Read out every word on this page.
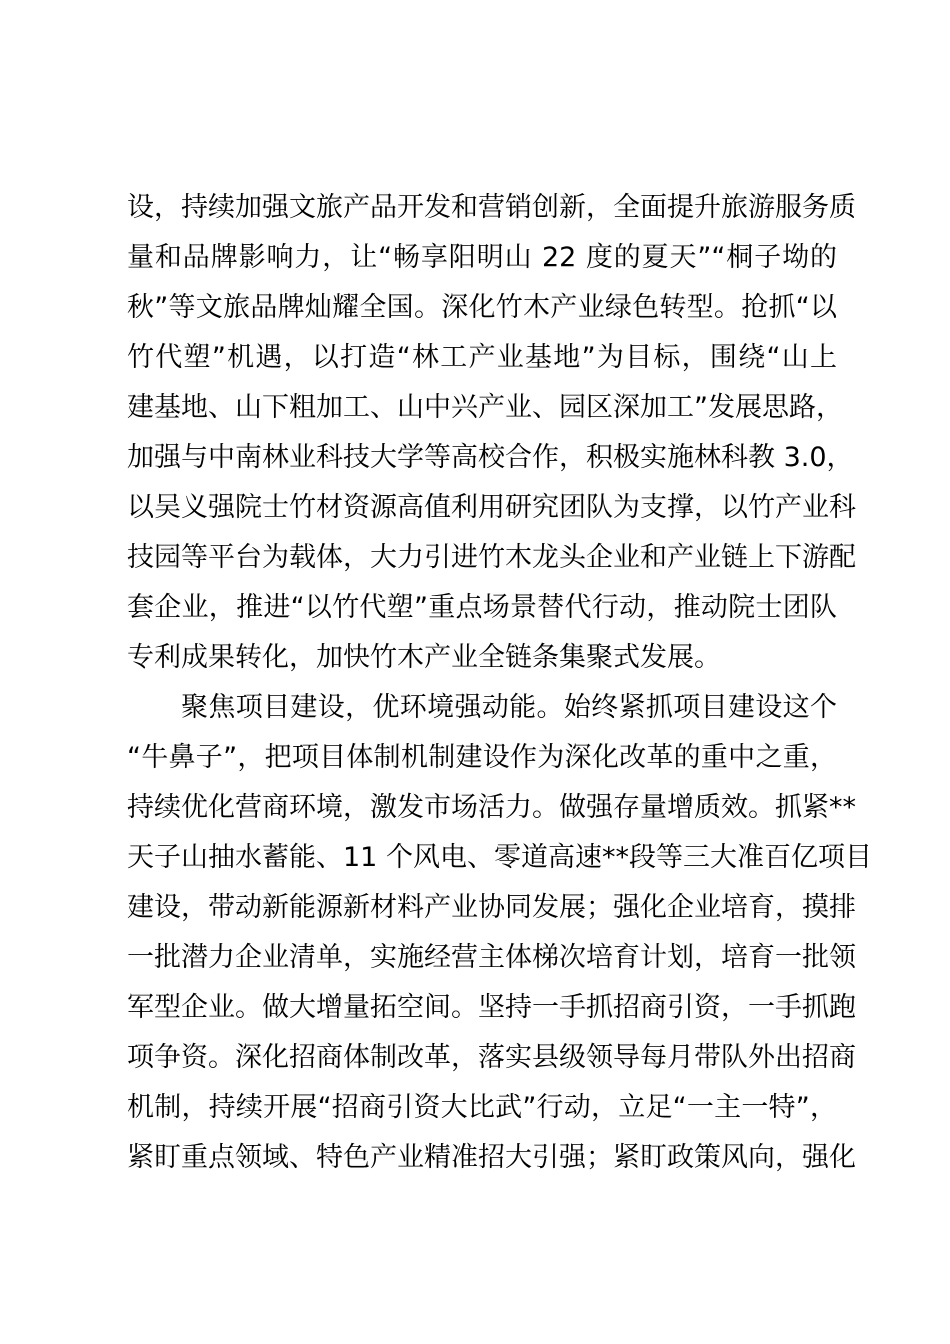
设，持续加强文旅产品开发和营销创新，全面提升旅游服务质
量和品牌影响力，让“畅享阳明山 22 度的夏天”“桐子坳的
秋”等文旅品牌灿耀全国。深化竹木产业绿色转型。抢抓“以
竹代塑”机遇，以打造“林工产业基地”为目标，围绕“山上
建基地、山下粗加工、山中兴产业、园区深加工”发展思路，
加强与中南林业科技大学等高校合作，积极实施林科教 3.0，
以吴义强院士竹材资源高值利用研究团队为支撑，以竹产业科
技园等平台为载体，大力引进竹木龙头企业和产业链上下游配
套企业，推进“以竹代塑”重点场景替代行动，推动院士团队
专利成果转化，加快竹木产业全链条集聚式发展。
聚焦项目建设，优环境强动能。始终紧抓项目建设这个
“牛鼻子”，把项目体制机制建设作为深化改革的重中之重，
持续优化营商环境，激发市场活力。做强存量增质效。抓紧**
天子山抽水蓄能、11 个风电、零道高速**段等三大准百亿项目
建设，带动新能源新材料产业协同发展；强化企业培育，摸排
一批潜力企业清单，实施经营主体梯次培育计划，培育一批领
军型企业。做大增量拓空间。坚持一手抓招商引资，一手抓跑
项争资。深化招商体制改革，落实县级领导每月带队外出招商
机制，持续开展“招商引资大比武”行动，立足“一主一特”，
紧盯重点领域、特色产业精准招大引强；紧盯政策风向，强化
